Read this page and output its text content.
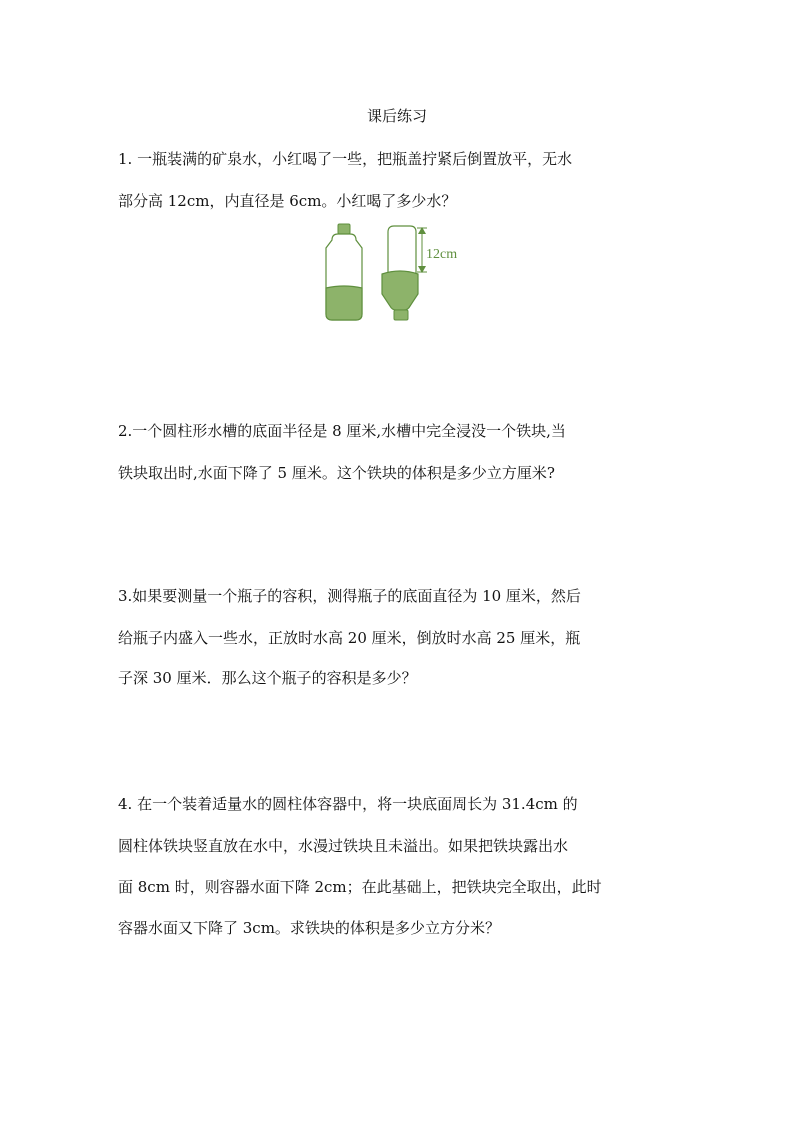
课后练习
1. 一瓶装满的矿泉水，小红喝了一些，把瓶盖拧紧后倒置放平，无水
部分高 12cm，内直径是 6cm。小红喝了多少水？
12cm
2.一个圆柱形水槽的底面半径是 8 厘米,水槽中完全浸没一个铁块,当
铁块取出时,水面下降了 5 厘米。这个铁块的体积是多少立方厘米?
3.如果要测量一个瓶子的容积，测得瓶子的底面直径为 10 厘米，然后
给瓶子内盛入一些水，正放时水高 20 厘米，倒放时水高 25 厘米，瓶
子深 30 厘米．那么这个瓶子的容积是多少？
4. 在一个装着适量水的圆柱体容器中，将一块底面周长为 31.4cm 的
圆柱体铁块竖直放在水中，水漫过铁块且未溢出。如果把铁块露出水
面 8cm 时，则容器水面下降 2cm；在此基础上，把铁块完全取出，此时
容器水面又下降了 3cm。求铁块的体积是多少立方分米？
